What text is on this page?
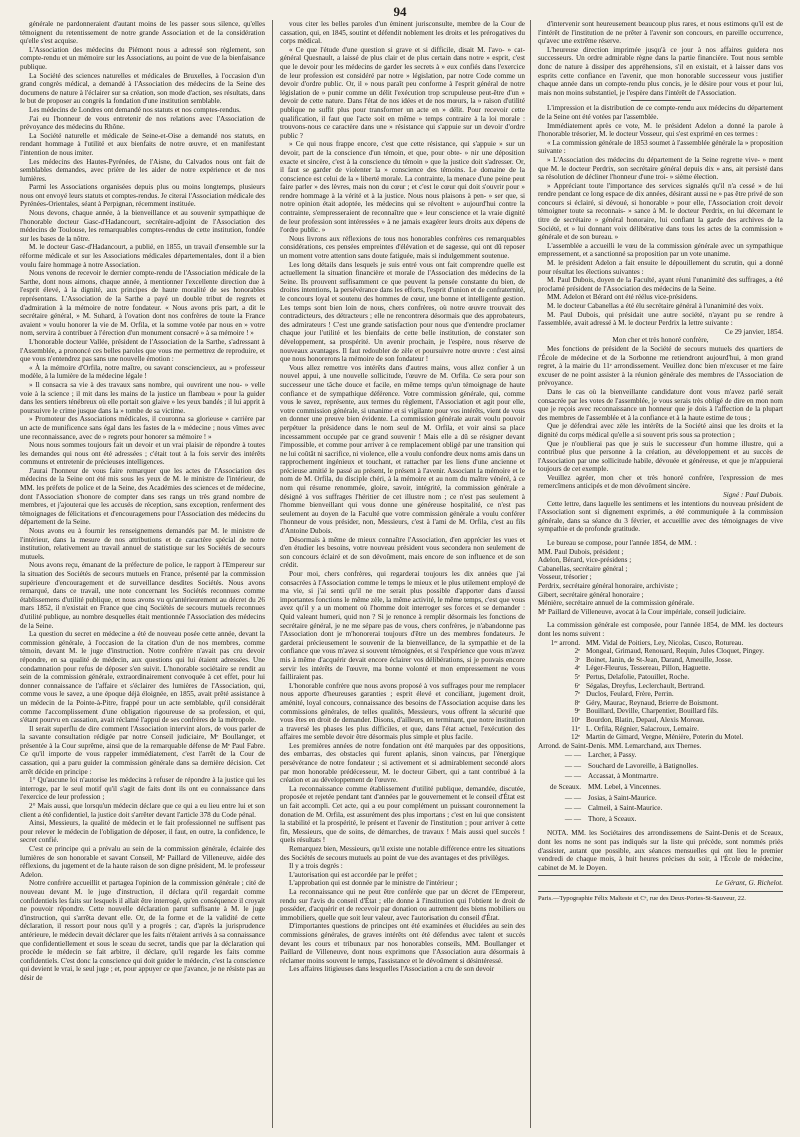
94

générale ne pardonneraient d'autant moins de les passer sous silence, qu'elles témoignent du retentissement de notre grande Association et de la considération qu'elle s'est acquise.

L'Association des médecins du Piémont nous a adressé son règlement, son compte-rendu et un mémoire sur les Associations, au point de vue de la bienfaisance publique.

La Société des sciences naturelles et médicales de Bruxelles, à l'occasion d'un grand congrès médical, a demandé à l'Association des médecins de la Seine des documens de nature à l'éclairer sur sa création, son mode d'action, ses résultats, dans le but de proposer au congrès la fondation d'une institution semblable.

Les médecins de Londres ont demandé nos statuts et nos comptes-rendus.

J'ai eu l'honneur de vous entretenir de nos relations avec l'Association de prévoyance des médecins du Rhône.

La Société naturelle et médicale de Seine-et-Oise a demandé nos statuts, en rendant hommage à l'utilité et aux bienfaits de notre œuvre, et en manifestant l'intention de nous imiter.

Les médecins des Hautes-Pyrénées, de l'Aisne, du Calvados nous ont fait de semblables demandes, avec prière de les aider de notre expérience et de nos lumières.

Parmi les Associations organisées depuis plus ou moins longtemps, plusieurs nous ont envoyé leurs statuts et comptes-rendus. Je citerai l'Association médicale des Pyrénées-Orientales, séant à Perpignan, récemment instituée.

Nous devons, chaque année, à la bienveillance et au souvenir sympathique de l'honorable docteur Gasc-d'Hadancourt, secrétaire-adjoint de l'Association des médecins de Toulouse, les remarquables comptes-rendus de cette institution, fondée sur les bases de la nôtre.

M. le docteur Gasc-d'Hadancourt, a publié, en 1855, un travail d'ensemble sur la réforme médicale et sur les Associations médicales départementales, dont il a bien voulu faire hommage à notre Association.

Nous venons de recevoir le dernier compte-rendu de l'Association médicale de la Sarthe, dont nous aimons, chaque année, à mentionner l'excellente direction due à l'esprit élevé, à la dignité, aux principes de haute moralité de ses honorables représentans. L'Association de la Sarthe a payé un double tribut de regrets et d'admiration à la mémoire de notre fondateur. « Nous avons pris part, a dit le secrétaire général, » M. Suhard, à l'ovation dont nos confrères de toute la France avaient » voulu honorer la vie de M. Orfila, et la somme votée par nous en » votre nom, servira à contribuer à l'érection d'un monument consacré » à sa mémoire ! »

L'honorable docteur Vallée, président de l'Association de la Sarthe, s'adressant à l'Assemblée, a prononcé ces belles paroles que vous me permettrez de reproduire, et que vous n'entendrez pas sans une nouvelle émotion :

« À la mémoire d'Orfila, notre maître, ou savant consciencieux, au » professeur modèle, à la lumière de la médecine légale !

» Il consacra sa vie à des travaux sans nombre, qui ouvrirent une nou- » velle voie à la science ; il mit dans les mains de la justice un flambeau » pour la guider dans les sentiers ténébreux où elle portait son glaive » les yeux bandés ; il lui apprit à poursuivre le crime jusque dans la » tombe de sa victime.

» Promoteur des Associations médicales, il couronna sa glorieuse » carrière par un acte de munificence sans égal dans les fastes de la » médecine ; nous vîmes avec une reconnaissance, avec de » regrets pour honorer sa mémoire ! »

Nous nous sommes toujours fait un devoir et un vrai plaisir de répondre à toutes les demandes qui nous ont été adressées ; c'était tout à la fois servir des intérêts communs et entretenir de précieuses intelligences.

J'aurai l'honneur de vous faire remarquer que les actes de l'Association des médecins de la Seine ont été mis sous les yeux de M. le ministre de l'intérieur, de MM. les préfets de police et de la Seine, des Académies des sciences et de médecine, dont l'Association s'honore de compter dans ses rangs un très grand nombre de membres, et j'ajouterai que les accusés de réception, sans exception, renferment des témoignages de félicitations et d'encouragemens pour l'Association des médecins du département de la Seine.

Nous avons eu à fournir les renseignemens demandés par M. le ministre de l'intérieur, dans la mesure de nos attributions et de caractère spécial de notre institution, relativement au travail annuel de statistique sur les Sociétés de secours mutuels.

Nous avons reçu, émanant de la préfecture de police, le rapport à l'Empereur sur la situation des Sociétés de secours mutuels en France, présenté par la commission supérieure d'encouragement et de surveillance desdites Sociétés. Nous avons remarqué, dans ce travail, une note concernant les Sociétés reconnues comme établissemens d'utilité publique, et nous avons vu qu'antérieurement au décret du 26 mars 1852, il n'existait en France que cinq Sociétés de secours mutuels reconnues d'utilité publique, au nombre desquelles était mentionnée l'Association des médecins de la Seine.

La question du secret en médecine a été de nouveau posée cette année, devant la commission générale, à l'occasion de la citation d'un de nos membres, comme témoin, devant M. le juge d'instruction. Notre confrère n'avait pas cru devoir répondre, en sa qualité de médecin, aux questions qui lui étaient adressées. Une condamnation pour refus de déposer s'en suivit. L'honorable sociétaire se rendit au sein de la commission générale, extraordinairement convoquée à cet effet, pour lui donner connaissance de l'affaire et s'éclairer des lumières de l'Association, qui, comme vous le savez, a une époque déjà éloignée, en 1855, avait prêté assistance à un médecin de la Pointe-à-Pitre, frappé pour un acte semblable, qu'il considérait comme l'accomplissement d'une obligation rigoureuse de sa profession, et qui, s'étant pourvu en cassation, avait réclamé l'appui de ses confrères de la métropole.

Il serait superflu de dire comment l'Association intervint alors, de vous parler de la savante consultation rédigée par notre Conseil judiciaire, Mᵉ Boullanger, et présentée à la Cour suprême, ainsi que de la remarquable défense de Mᵉ Paul Fabre. Ce qu'il importe de vous rappeler immédiatement, c'est l'arrêt de la Cour de cassation, qui a paru guider la commission générale dans sa dernière décision. Cet arrêt décide en principe :

1° Qu'aucune loi n'autorise les médecins à refuser de répondre à la justice qui les interroge, par le seul motif qu'il s'agit de faits dont ils ont eu connaissance dans l'exercice de leur profession ;

2° Mais aussi, que lorsqu'un médecin déclare que ce qui a eu lieu entre lui et son client a été confidentiel, la justice doit s'arrêter devant l'article 378 du Code pénal.

Ainsi, Messieurs, la qualité de médecin et le fait professionnel ne suffisent pas pour relever le médecin de l'obligation de déposer, il faut, en outre, la confidence, le secret confié.

C'est ce principe qui a prévalu au sein de la commission générale, éclairée des lumières de son honorable et savant Conseil, Mᵉ Paillard de Villeneuve, aidée des réflexions, du jugement et de la haute raison de son digne président, M. le professeur Adelon.

Notre confrère accueillit et partagea l'opinion de la commission générale ; cité de nouveau devant M. le juge d'instruction, il déclara qu'il regardait comme confidentiels les faits sur lesquels il allait être interrogé, qu'en conséquence il croyait ne pouvoir répondre. Cette nouvelle déclaration parut suffisante à M. le juge d'instruction, qui s'arrêta devant elle. Or, de la forme et de la validité de cette déclaration, il ressort pour nous qu'il y a progrès ; car, d'après la jurisprudence antérieure, le médecin devait déclarer que les faits n'étaient arrivés à sa connaissance que confidentiellement et sous le sceau du secret, tandis que par la déclaration qui procède le médecin se fait arbitre, il déclare, qu'il regarde les faits comme confidentiels. C'est donc la conscience qui doit guider le médecin, c'est la conscience qui devient le vrai, le seul juge ; et, pour appuyer ce que j'avance, je ne résiste pas au désir de

vous citer les belles paroles d'un éminent jurisconsulte, membre de la Cour de cassation, qui, en 1845, soutint et défendit noblement les droits et les prérogatives du corps médical.

« Ce que l'étude d'une question si grave et si difficile, disait M. l'avo- » cat-général Quesnault, a laissé de plus clair et de plus certain dans notre » esprit, c'est que le devoir pour les médecins de garder les secrets à » eux confiés dans l'exercice de leur profession est considéré par notre » législation, par notre Code comme un devoir d'ordre public. Or, il » nous paraît peu conforme à l'esprit général de notre législation de » punir comme un délit l'exécution trop scrupuleuse peut-être d'un » devoir de cette nature. Dans l'état de nos idées et de nos mœurs, la » raison d'utilité publique ne suffit plus pour transformer un acte en » délit. Pour recevoir cette qualification, il faut que l'acte soit en même » temps contraire à la loi morale : trouvons-nous ce caractère dans une » résistance qui s'appuie sur un devoir d'ordre public ?

» Ce qui nous frappe encore, c'est que cette résistance, qui s'appuie » sur un devoir, part de la conscience d'un témoin, et que, pour obte- » nir une déposition exacte et sincère, c'est à la conscience du témoin » que la justice doit s'adresser. Or, il faut se garder de violenter la » conscience des témoins. Le domaine de la conscience est celui de la » liberté morale. La contrainte, la menace d'une peine peut faire parler » des lèvres, mais non du cœur ; et c'est le cœur qui doit s'ouvrir pour » rendre hommage à la vérité et à la justice. Nous nous plaisons à pen- » ser que, si notre opinion était adoptée, les médecins qui se révoltent » aujourd'hui contre la contrainte, s'empresseraient de reconnaître que » leur conscience et la vraie dignité de leur profession sont intéressées » à ne jamais exagérer leurs droits aux dépens de l'ordre public. »

Nous livrons aux réflexions de tous nos honorables confrères ces remarquables considérations, ces pensées empreintes d'élévation et de sagesse, qui ont dû reposer un moment votre attention sans doute fatiguée, mais si indulgemment soutenue.

Les long détails dans lesquels je suis entré vous ont fait comprendre quelle est actuellement la situation financière et morale de l'Association des médecins de la Seine. Ils prouvent suffisamment ce que peuvent la pensée constante du bien, de droites intentions, la persévérance dans les efforts, l'esprit d'union et de confraternité, le concours loyal et soutenu des hommes de cœur, une bonne et intelligente gestion. Les temps sont bien loin de nous, chers confrères, où notre œuvre trouvait des contradicteurs, des détracteurs ; elle ne rencontrera désormais que des approbateurs, des admirateurs ! C'est une grande satisfaction pour nous que d'entendre proclamer chaque jour l'utilité et les bienfaits de cette belle institution, de constater son développement, sa prospérité. Un avenir prochain, je l'espère, nous réserve de nouveaux avantages. Il faut redoubler de zèle et poursuivre notre œuvre : c'est ainsi que nous honorerons la mémoire de son fondateur !

Vous allez remettre vos intérêts dans d'autres mains, vous allez confier à un nouvel appui, à une nouvelle sollicitude, l'œuvre de M. Orfila. Ce sera pour son successeur une tâche douce et facile, en même temps qu'un témoignage de haute confiance et de sympathique déférence. Votre commission générale, qui, comme vous le savez, représente, aux termes du règlement, l'Association et agit pour elle, votre commission générale, si unanime et si vigilante pour vos intérêts, vient de vous en donner une preuve bien évidente. La commission générale aurait voulu pouvoir perpétuer la présidence dans le nom seul de M. Orfila, et voir ainsi sa place incessamment occupée par ce grand souvenir ! Mais elle a dû se résigner devant l'impossible, et comme pour arriver à ce remplacement obligé par une transition qui ne lui coûtât ni sacrifice, ni violence, elle a voulu confondre deux noms amis dans un rapprochement ingénieux et touchant, et rattacher par les liens d'une ancienne et précieuse amitié le passé au présent, le présent à l'avenir. Associant la mémoire et le nom de M. Orfila, du disciple chéri, à la mémoire et au nom du maître vénéré, à ce nom qui résume renommée, gloire, savoir, intégrité, la commission générale a désigné à vos suffrages l'héritier de cet illustre nom ; ce n'est pas seulement à l'homme bienveillant qui vous donne une généreuse hospitalité, ce n'est pas seulement au doyen de la Faculté que votre commission générale a voulu conférer l'honneur de vous présider, non, Messieurs, c'est à l'ami de M. Orfila, c'est au fils d'Antoine Dubois.

Désormais à même de mieux connaître l'Association, d'en apprécier les vues et d'en étudier les besoins, votre nouveau président vous secondera non seulement de son concours éclairé et de son dévoûment, mais encore de son influence et de son crédit.

Pour moi, chers confrères, qui regarderai toujours les dix années que j'ai consacrées à l'Association comme le temps le mieux et le plus utilement employé de ma vie, si j'ai senti qu'il ne me serait plus possible d'apporter dans d'aussi importantes fonctions le même zèle, la même activité, le même temps, c'est que vous avez qu'il y a un moment où l'homme doit interroger ses forces et se demander : Quid valeant humeri, quid non ? Si je renonce à remplir désormais les fonctions de secrétaire général, je ne me sépare pas de vous, chers confrères, je n'abandonne pas l'Association dont je m'honorerai toujours d'être un des membres fondateurs. Je garderai précieusement le souvenir de la bienveillance, de la sympathie et de la confiance que vous m'avez si souvent témoignées, et si l'expérience que vous m'avez mis à même d'acquérir devait encore éclairer vos délibérations, si je pouvais encore servir les intérêts de l'œuvre, ma bonne volonté et mon empressement ne vous failliraient pas.

L'honorable confrère que nous avons proposé à vos suffrages pour me remplacer nous apporte d'heureuses garanties ; esprit élevé et conciliant, jugement droit, aménité, loyal concours, connaissance des besoins de l'Association acquise dans les commissions générales, de telles qualités, Messieurs, vous offrent la sécurité que vous êtes en droit de demander. Disons, d'ailleurs, en terminant, que notre institution a traversé les phases les plus difficiles, et que, dans l'état actuel, l'exécution des affaires me semble devoir être désormais plus simple et plus facile.

Les premières années de notre fondation ont été marquées par des oppositions, des embarras, des obstacles qui furent aplanis, sinon vaincus, par l'énergique persévérance de notre fondateur ; si activement et si admirablement secondé alors par mon honorable prédécesseur, M. le docteur Gibert, qui a tant contribué à la création et au développement de l'œuvre.

La reconnaissance comme établissement d'utilité publique, demandée, discutée, proposée et rejetée pendant tant d'années par le gouvernement et le conseil d'État est un fait accompli. Cet acte, qui a eu pour complément un puissant couronnement la donation de M. Orfila, est assurément des plus importans ; c'est en lui que consistent la stabilité et la prospérité, le présent et l'avenir de l'institution ; pour arriver à cette fin, Messieurs, que de soins, de démarches, de travaux ! Mais aussi quel succès ! quels résultats !

Remarquez bien, Messieurs, qu'il existe une notable différence entre les situations des Sociétés de secours mutuels au point de vue des avantages et des privilèges.

Il y a trois degrés :

L'autorisation qui est accordée par le préfet ;

L'approbation qui est donnée par le ministre de l'intérieur ;

La reconnaissance qui ne peut être conférée que par un décret de l'Empereur, rendu sur l'avis du conseil d'État ; elle donne à l'institution qui l'obtient le droit de posséder, d'acquérir et de recevoir par donation ou autrement des biens mobiliers ou immobiliers, quelle que soit leur valeur, avec l'autorisation du conseil d'État.

D'importantes questions de principes ont été examinées et élucidées au sein des commissions générales, de graves intérêts ont été défendus avec talent et succès devant les cours et tribunaux par nos honorables conseils, MM. Boullanger et Paillard de Villeneuve, dont nous exprimons que l'Association aura désormais à réclamer moins souvent le temps, l'assistance et le dévoûment si désintéressé.

Les affaires litigieuses dans lesquelles l'Association a cru de son devoir

d'intervenir sont heureusement beaucoup plus rares, et nous estimons qu'il est de l'intérêt de l'institution de ne prêter à l'avenir son concours, en pareille occurrence, qu'avec une extrême réserve.

L'heureuse direction imprimée jusqu'à ce jour à nos affaires guidera nos successeurs. Un ordre admirable règne dans la partie financière. Tout nous semble donc de nature à dissiper des appréhensions, s'il en existait, et à laisser dans vos esprits cette confiance en l'avenir, que mon honorable successeur vous justifier chaque année dans un compte-rendu plus concis, je le désire pour vous et pour lui, mais non moins substantiel, je l'espère dans l'intérêt de l'Association.

L'impression et la distribution de ce compte-rendu aux médecins du département de la Seine ont été votées par l'assemblée.

Immédiatement après ce vote, M. le président Adelon a donné la parole à l'honorable trésorier, M. le docteur Vosseur, qui s'est exprimé en ces termes :

« La commission générale de 1853 soumet à l'assemblée générale la » proposition suivante :

» L'Association des médecins du département de la Seine regrette vive- » ment que M. le docteur Perdrix, son secrétaire général depuis dix » ans, ait persisté dans sa résolution de décliner l'honneur d'une troi- » sième élection.

» Appréciant toute l'importance des services signalés qu'il n'a cessé » de lui rendre pendant ce long espace de dix années, désirant aussi ne » pas être privé de son concours si éclairé, si dévoué, si honorable » pour elle, l'Association croit devoir témoigner toute sa reconnais- » sance à M. le docteur Perdrix, en lui décernant le titre de secrétaire » général honoraire, lui confiant la garde des archives de la Société, et » lui donnant voix délibérative dans tous les actes de la commission » générale et de son bureau. »

L'assemblée a accueilli le vœu de la commission générale avec un sympathique empressement, et a sanctionné sa proposition par un vote unanime.

M. le président Adelon a fait ensuite le dépouillement du scrutin, qui a donné pour résultat les élections suivantes :

M. Paul Dubois, doyen de la Faculté, ayant réuni l'unanimité des suffrages, a été proclamé président de l'Association des médecins de la Seine.

MM. Adelon et Bérard ont été réélus vice-présidens.

M. le docteur Cabanellas a été élu secrétaire général à l'unanimité des voix.

M. Paul Dubois, qui présidait une autre société, n'ayant pu se rendre à l'assemblée, avait adressé à M. le docteur Perdrix la lettre suivante :

Ce 29 janvier, 1854.

Mon cher et très honoré confrère,

Mes fonctions de président de la Société de secours mutuels des quartiers de l'École de médecine et de la Sorbonne me retiendront aujourd'hui, à mon grand regret, à la mairie du 11ᵉ arrondissement. Veuillez donc bien m'excuser et me faire excuser de ne point assister à la réunion générale des membres de l'Association de prévoyance.

Dans le cas où la bienveillante candidature dont vous m'avez parlé serait consacrée par les votes de l'assemblée, je vous serais très obligé de dire en mon nom que je reçois avec reconnaissance un honneur que je dois à l'affection de la plupart des membres de l'assemblée et à la confiance et à la haute estime de tous ;

Que je défendrai avec zèle les intérêts de la Société ainsi que les droits et la dignité du corps médical qu'elle a si souvent pris sous sa protection ;

Que je n'oublierai pas que je suis le successeur d'un homme illustre, qui a contribué plus que personne à la création, au développement et au succès de l'Association par une sollicitude habile, dévouée et généreuse, et que je m'appuierai toujours de cet exemple.

Veuillez agréer, mon cher et très honoré confrère, l'expression de mes remercîmens anticipés et de mon dévoûment sincère.

Signé : Paul Dubois.

Cette lettre, dans laquelle les sentimens et les intentions du nouveau président de l'Association sont si dignement exprimés, a été communiquée à la commission générale, dans sa séance du 3 février, et accueillie avec des témoignages de vive sympathie et de profonde gratitude.

Le bureau se compose, pour l'année 1854, de MM. :

MM. Paul Dubois, président ;

Adelon, Bérard, vice-présidens ;

Cabanellas, secrétaire général ;

Vosseur, trésorier ;

Perdrix, secrétaire général honoraire, archiviste ;

Gibert, secrétaire général honoraire ;

Ménière, secrétaire annuel de la commission générale.

Mᵉ Paillard de Villeneuve, avocat à la Cour impériale, conseil judiciaire.

La commission générale est composée, pour l'année 1854, de MM. les docteurs dont les noms suivent :

1ᵉʳ arrond.	MM. Vidal de Poitiers, Ley, Nicolas, Cusco, Rotureau.
2ᵉ	Mongeal, Grimaud, Renouard, Requin, Jules Cloquet, Pingey.
3ᵉ	Boinet, Janin, de St-Jean, Darand, Ameuille, Josse.
4ᵉ	Léger-Fleurus, Tessereau, Pillon, Haguette.
5ᵉ	Pertus, Delafolie, Patouillet, Roche.
6ᵉ	Ségalas, Dreyfus, Leclerchault, Bertrand.
7ᵉ	Duclos, Feulard, Frère, Perrin.
8ᵉ	Géry, Maurac, Reynaud, Brierre de Boismont.
9ᵉ	Bouillard, Deville, Charpentier, Bouillard fils.
10ᵉ	Bourdon, Blatin, Depaul, Alexis Moreau.
11ᵉ	L. Orfila, Régnier, Salacroux, Lemaire.
12ᵉ	Martin de Gimard, Vergne, Ménière, Poterin du Motel.

Arrond. de Saint-Denis. MM. Lemarchand, aux Thernes.

— —	Larcher, à Passy.
— —	Souchard de Lavoreille, à Batignolles.
— —	Accassat, à Montmartre.
de Sceaux.	MM. Lebel, à Vincennes.
— —	Josias, à Saint-Maurice.
— —	Calmeil, à Saint-Maurice.
— —	Thore, à Sceaux.

NOTA. MM. les Sociétaires des arrondissemens de Saint-Denis et de Sceaux, dont les noms ne sont pas indiqués sur la liste qui précède, sont nommés priés d'assister, autant que possible, aux séances mensuelles qui ont lieu le premier vendredi de chaque mois, à huit heures précises du soir, à l'École de médecine, cabinet de M. le Doyen.

Le Gérant, G. Richelot.

Paris.—Typographie Félix Malteste et Cᵉ, rue des Deux-Portes-St-Sauveur, 22.
